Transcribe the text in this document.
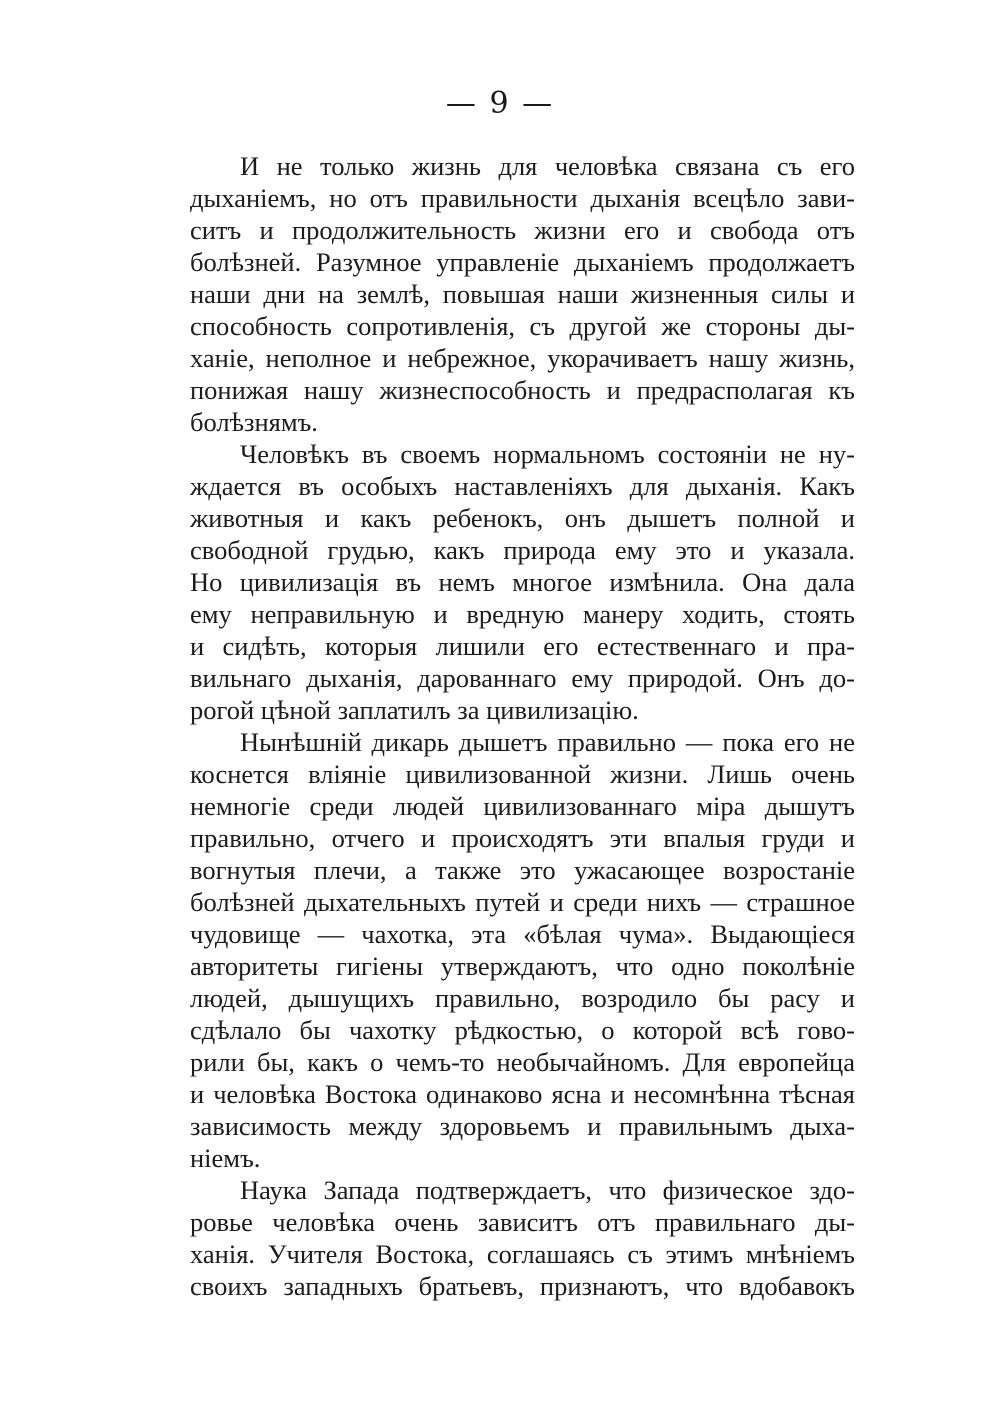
— 9 —
И не только жизнь для человѣка связана съ его
дыханіемъ, но отъ правильности дыханія всецѣло зави-
ситъ и продолжительность жизни его и свобода отъ
болѣзней. Разумное управленіе дыханіемъ продолжаетъ
наши дни на землѣ, повышая наши жизненныя силы и
способность сопротивленія, съ другой же стороны ды-
ханіе, неполное и небрежное, укорачиваетъ нашу жизнь,
понижая нашу жизнеспособность и предрасполагая къ
болѣзнямъ.
Человѣкъ въ своемъ нормальномъ состояніи не ну-
ждается въ особыхъ наставленіяхъ для дыханія. Какъ
животныя и какъ ребенокъ, онъ дышетъ полной и
свободной грудью, какъ природа ему это и указала.
Но цивилизація въ немъ многое измѣнила. Она дала
ему неправильную и вредную манеру ходить, стоять
и сидѣть, которыя лишили его естественнаго и пра-
вильнаго дыханія, дарованнаго ему природой. Онъ до-
рогой цѣной заплатилъ за цивилизацію.
Нынѣшній дикарь дышетъ правильно — пока его не
коснется вліяніе цивилизованной жизни. Лишь очень
немногіе среди людей цивилизованнаго міра дышутъ
правильно, отчего и происходятъ эти впалыя груди и
вогнутыя плечи, а также это ужасающее возростаніе
болѣзней дыхательныхъ путей и среди нихъ — страшное
чудовище — чахотка, эта «бѣлая чума». Выдающіеся
авторитеты гигіены утверждаютъ, что одно поколѣніе
людей, дышущихъ правильно, возродило бы расу и
сдѣлало бы чахотку рѣдкостью, о которой всѣ гово-
рили бы, какъ о чемъ-то необычайномъ. Для европейца
и человѣка Востока одинаково ясна и несомнѣнна тѣсная
зависимость между здоровьемъ и правильнымъ дыха-
ніемъ.
Наука Запада подтверждаетъ, что физическое здо-
ровье человѣка очень зависитъ отъ правильнаго ды-
ханія. Учителя Востока, соглашаясь съ этимъ мнѣніемъ
своихъ западныхъ братьевъ, признаютъ, что вдобавокъ
